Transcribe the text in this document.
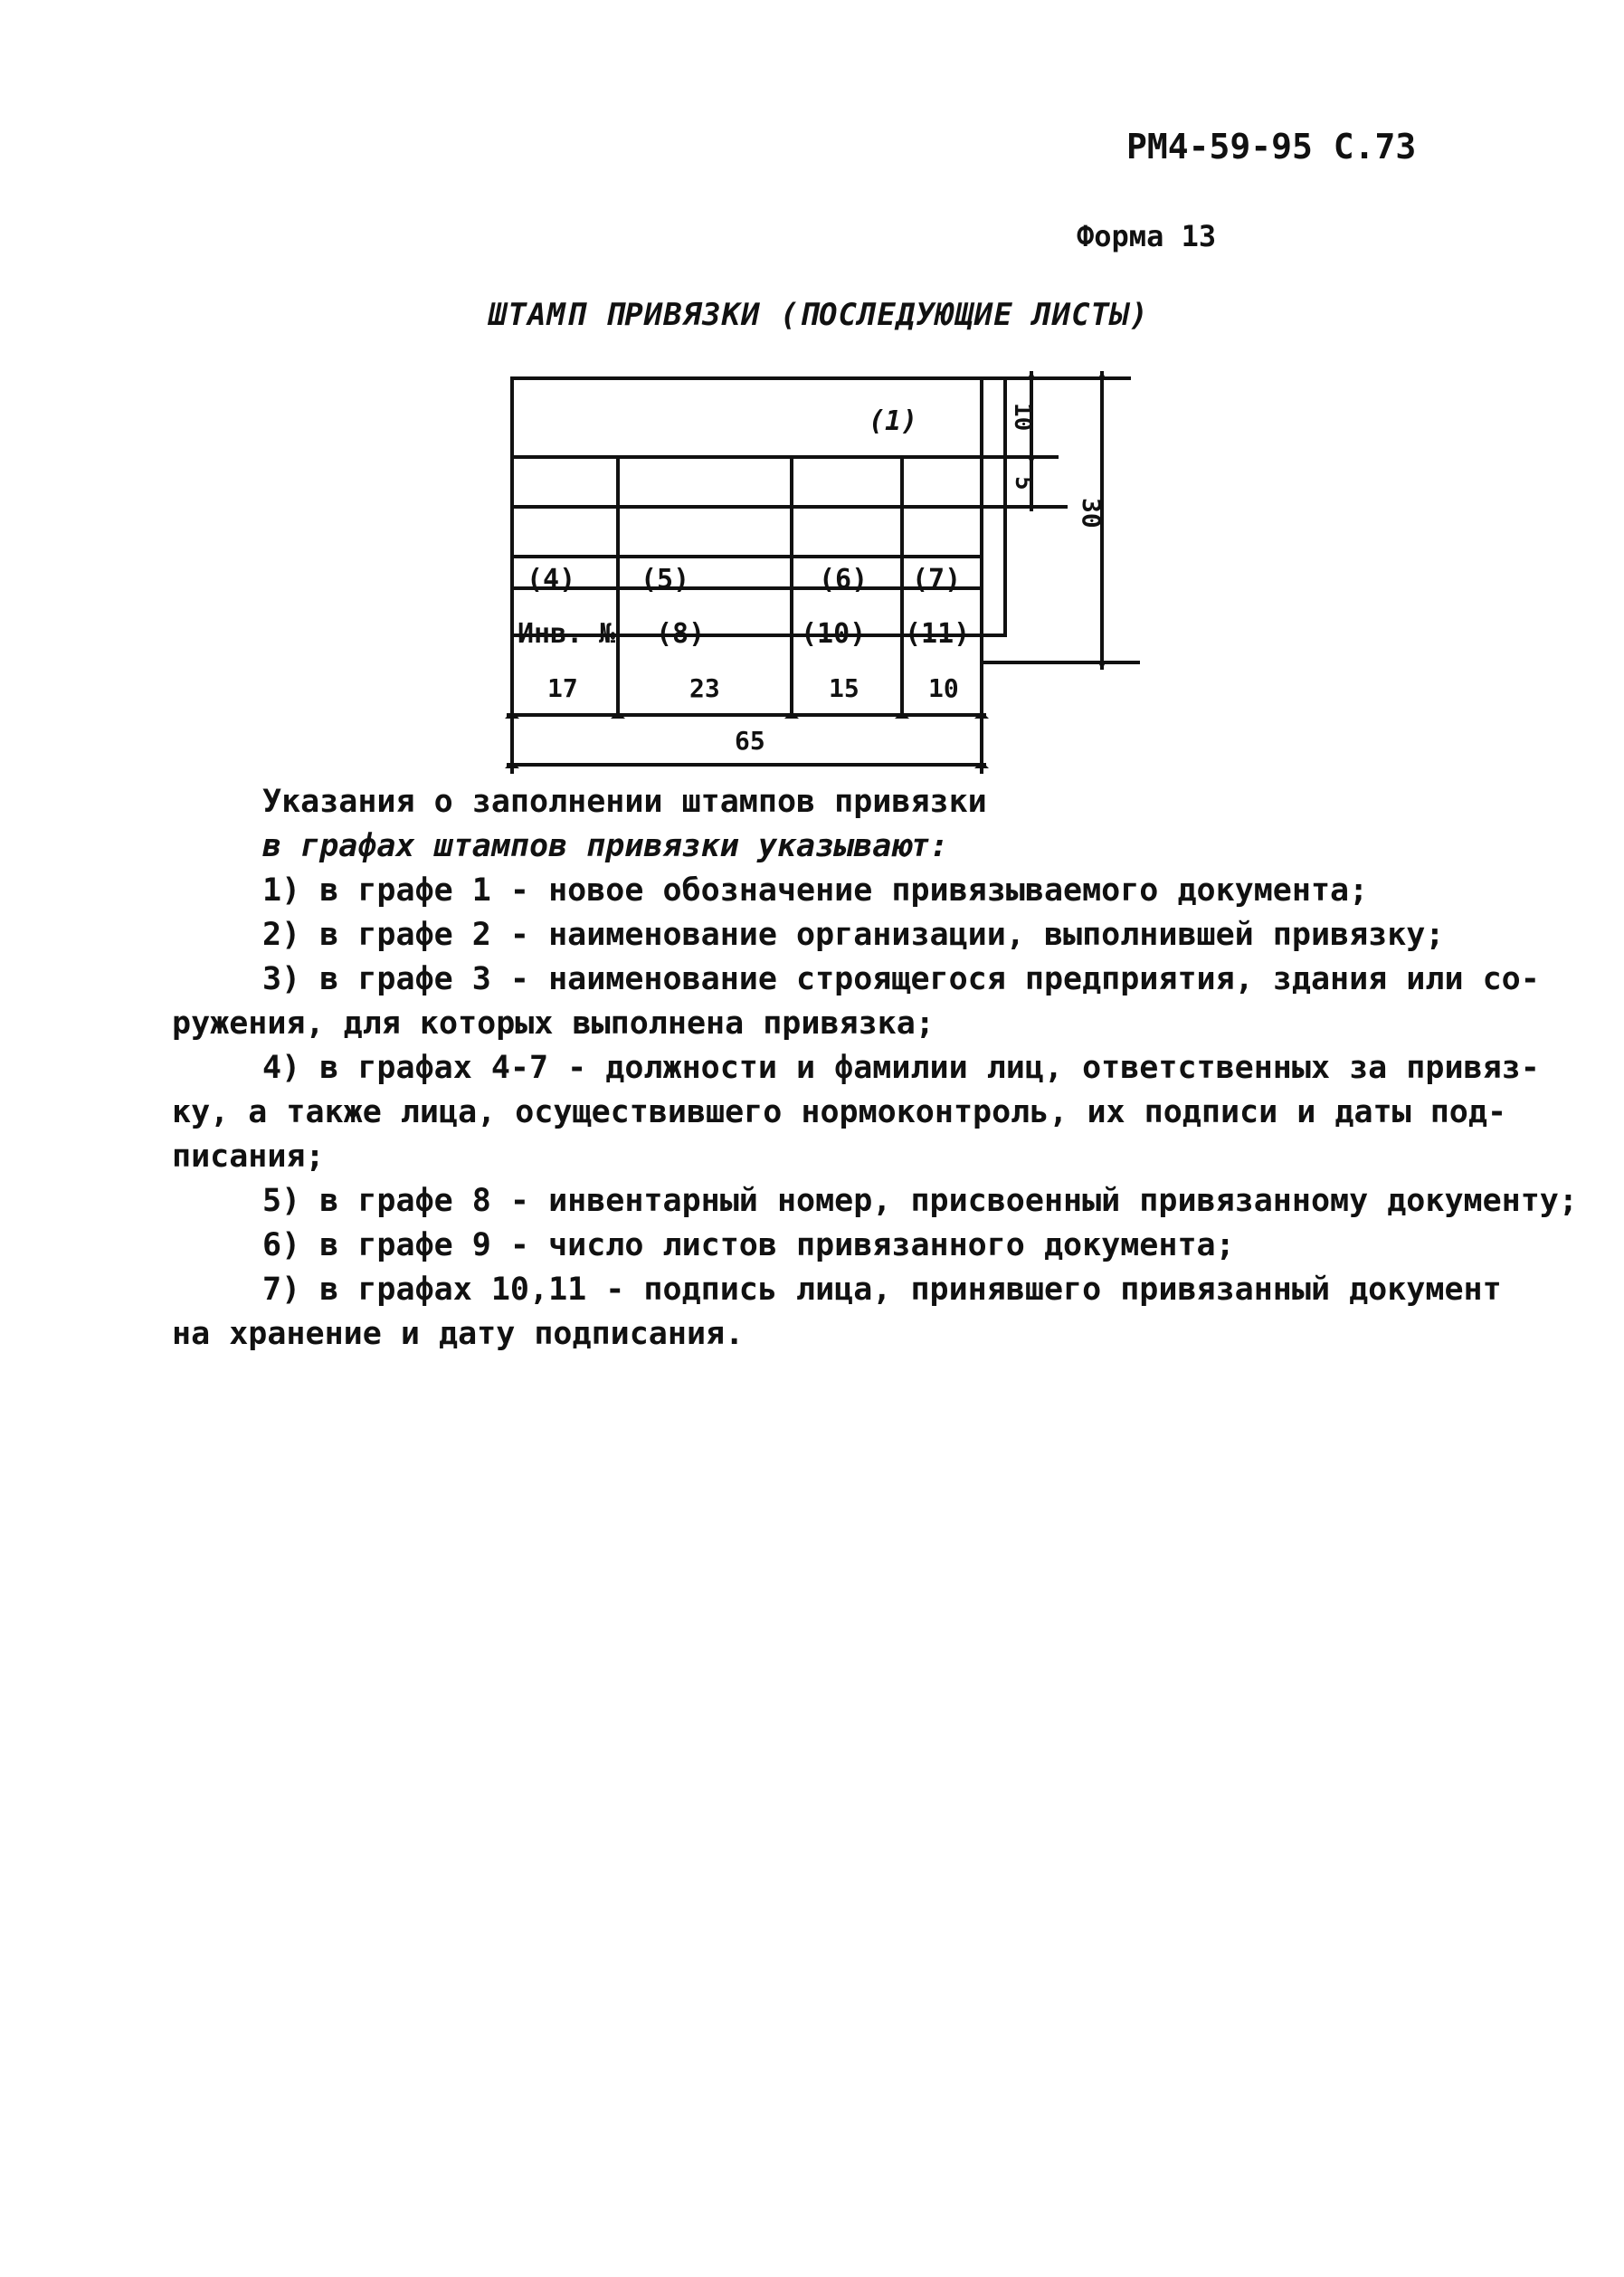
РМ4-59-95 С.73
Форма 13
ШТАМП ПРИВЯЗКИ (ПОСЛЕДУЮЩИЕ ЛИСТЫ)
(1)
(4) (5)	(6) (7)
Инв. № (8)	(10) (11)
17	23	15	10
65
10
5
30

Указания о заполнении штампов привязки

в графах штампов привязки указывают:

1) в графе 1 - новое обозначение привязываемого документа;

2) в графе 2 - наименование организации, выполнившей привязку;

3) в графе 3 - наименование строящегося предприятия, здания или со-

ружения, для которых выполнена привязка;

4) в графах 4-7 - должности и фамилии лиц, ответственных за привяз-

ку, а также лица, осуществившего нормоконтроль, их подписи и даты под-

писания;

5) в графе 8 - инвентарный номер, присвоенный привязанному документу;

6) в графе 9 - число листов привязанного документа;

7) в графах 10,11 - подпись лица, принявшего привязанный документ

на хранение и дату подписания.
